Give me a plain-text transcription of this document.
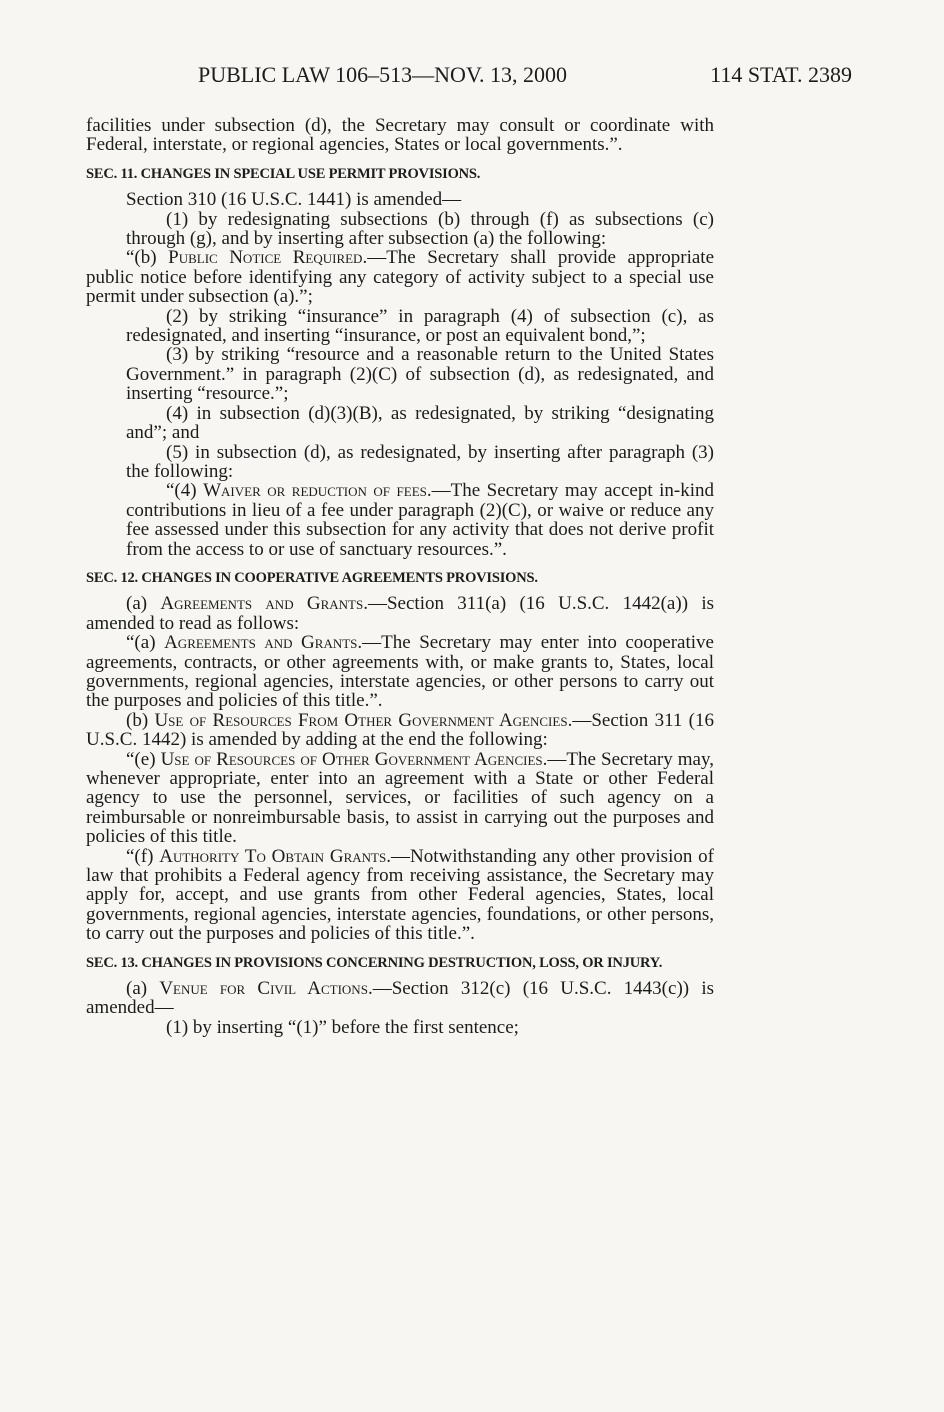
PUBLIC LAW 106–513—NOV. 13, 2000	114 STAT. 2389

facilities under subsection (d), the Secretary may consult or coordinate with Federal, interstate, or regional agencies, States or local governments.”.

SEC. 11. CHANGES IN SPECIAL USE PERMIT PROVISIONS.

Section 310 (16 U.S.C. 1441) is amended—

(1) by redesignating subsections (b) through (f) as subsections (c) through (g), and by inserting after subsection (a) the following:

“(b) Public Notice Required.—The Secretary shall provide appropriate public notice before identifying any category of activity subject to a special use permit under subsection (a).”;

(2) by striking “insurance” in paragraph (4) of subsection (c), as redesignated, and inserting “insurance, or post an equivalent bond,”;

(3) by striking “resource and a reasonable return to the United States Government.” in paragraph (2)(C) of subsection (d), as redesignated, and inserting “resource.”;

(4) in subsection (d)(3)(B), as redesignated, by striking “designating and”; and

(5) in subsection (d), as redesignated, by inserting after paragraph (3) the following:

“(4) Waiver or reduction of fees.—The Secretary may accept in-kind contributions in lieu of a fee under paragraph (2)(C), or waive or reduce any fee assessed under this subsection for any activity that does not derive profit from the access to or use of sanctuary resources.”.

SEC. 12. CHANGES IN COOPERATIVE AGREEMENTS PROVISIONS.

(a) Agreements and Grants.—Section 311(a) (16 U.S.C. 1442(a)) is amended to read as follows:

“(a) Agreements and Grants.—The Secretary may enter into cooperative agreements, contracts, or other agreements with, or make grants to, States, local governments, regional agencies, interstate agencies, or other persons to carry out the purposes and policies of this title.”.

(b) Use of Resources From Other Government Agencies.—Section 311 (16 U.S.C. 1442) is amended by adding at the end the following:

“(e) Use of Resources of Other Government Agencies.—The Secretary may, whenever appropriate, enter into an agreement with a State or other Federal agency to use the personnel, services, or facilities of such agency on a reimbursable or nonreimbursable basis, to assist in carrying out the purposes and policies of this title.

“(f) Authority To Obtain Grants.—Notwithstanding any other provision of law that prohibits a Federal agency from receiving assistance, the Secretary may apply for, accept, and use grants from other Federal agencies, States, local governments, regional agencies, interstate agencies, foundations, or other persons, to carry out the purposes and policies of this title.”.

SEC. 13. CHANGES IN PROVISIONS CONCERNING DESTRUCTION, LOSS, OR INJURY.

(a) Venue for Civil Actions.—Section 312(c) (16 U.S.C. 1443(c)) is amended—

(1) by inserting “(1)” before the first sentence;
